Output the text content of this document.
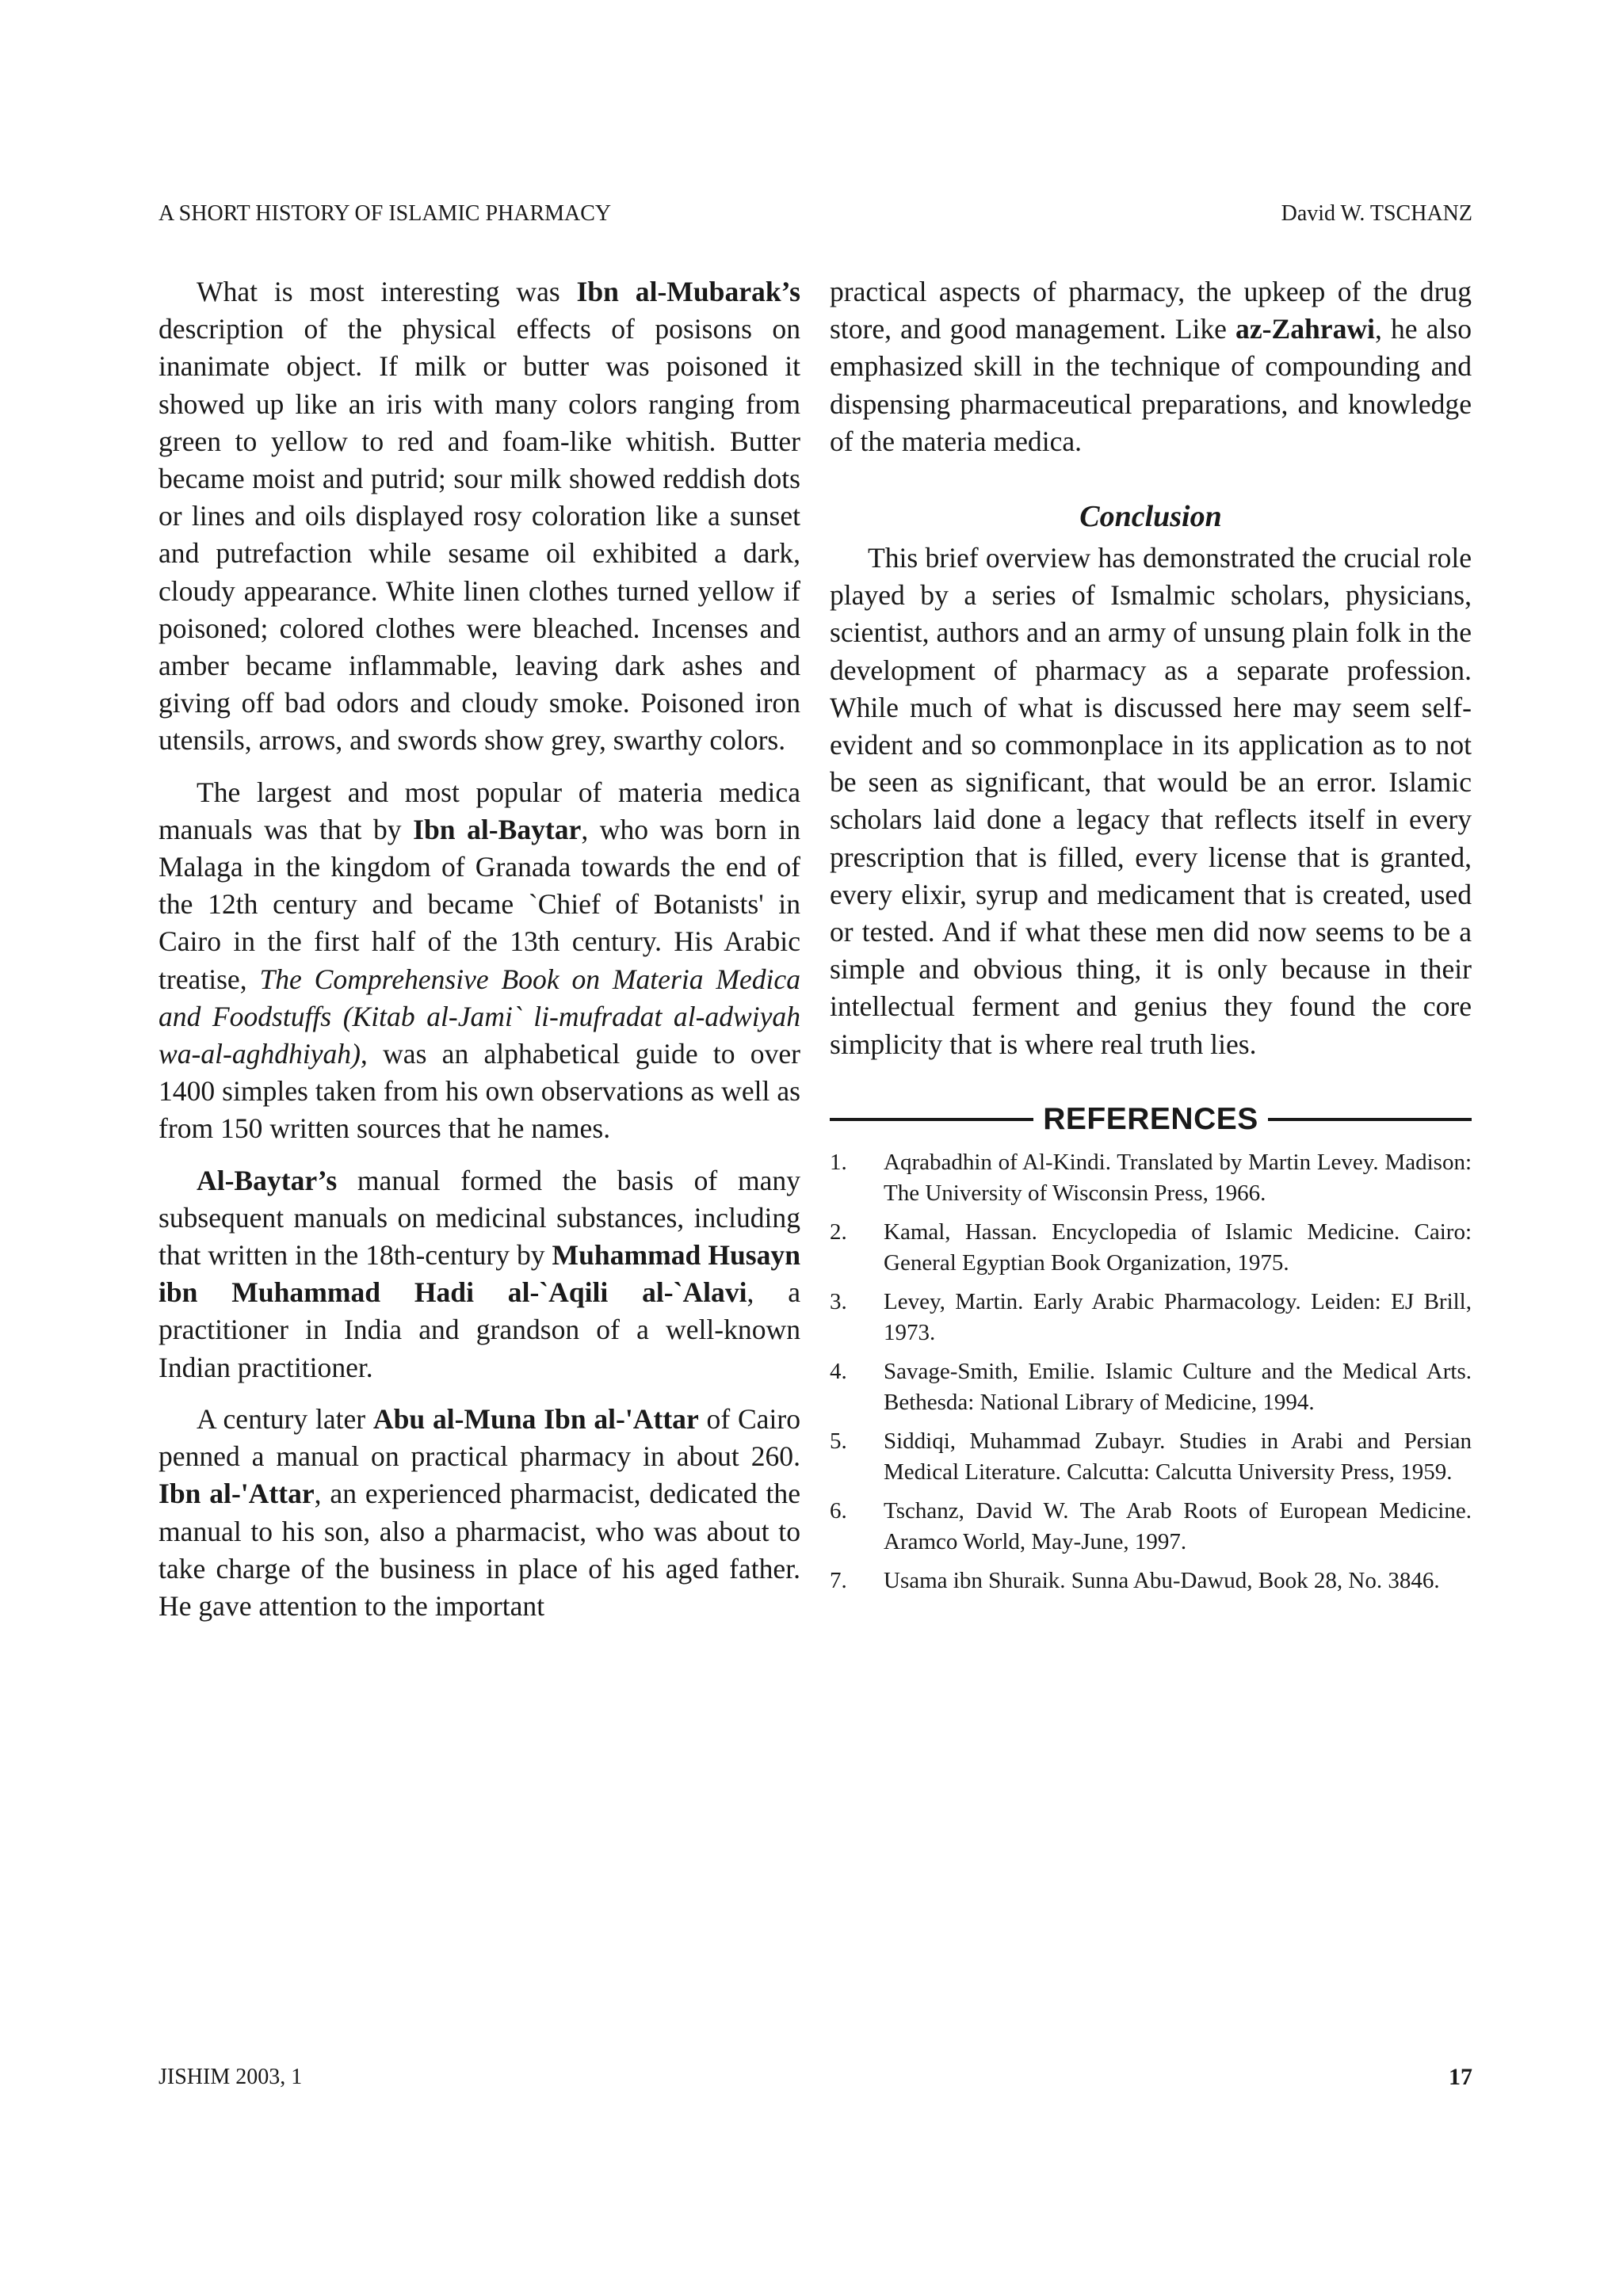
A SHORT HISTORY OF ISLAMIC PHARMACY	David W. TSCHANZ

What is most interesting was Ibn al-Mubarak’s description of the physical effects of posisons on inanimate object. If milk or butter was poisoned it showed up like an iris with many colors ranging from green to yellow to red and foam-like whitish. Butter became moist and putrid; sour milk showed reddish dots or lines and oils displayed rosy coloration like a sunset and putrefaction while sesame oil exhibited a dark, cloudy appearance. White linen clothes turned yellow if poisoned; colored clothes were bleached. Incenses and amber became inflammable, leaving dark ashes and giving off bad odors and cloudy smoke. Poisoned iron utensils, arrows, and swords show grey, swarthy colors.

The largest and most popular of materia medica manuals was that by Ibn al-Baytar, who was born in Malaga in the kingdom of Granada towards the end of the 12th century and became `Chief of Botanists' in Cairo in the first half of the 13th century. His Arabic treatise, The Comprehensive Book on Materia Medica and Foodstuffs (Kitab al-Jami` li-mufradat al-adwiyah wa-al-aghdhiyah), was an alphabetical guide to over 1400 simples taken from his own observations as well as from 150 written sources that he names.

Al-Baytar’s manual formed the basis of many subsequent manuals on medicinal substances, including that written in the 18th-century by Muhammad Husayn ibn Muhammad Hadi al-`Aqili al-`Alavi, a practitioner in India and grandson of a well-known Indian practitioner.

A century later Abu al-Muna Ibn al-'Attar of Cairo penned a manual on practical pharmacy in about 260. Ibn al-'Attar, an experienced pharmacist, dedicated the manual to his son, also a pharmacist, who was about to take charge of the business in place of his aged father. He gave attention to the important

practical aspects of pharmacy, the upkeep of the drug store, and good management. Like az-Zahrawi, he also emphasized skill in the technique of compounding and dispensing pharmaceutical preparations, and knowledge of the materia medica.

Conclusion

This brief overview has demonstrated the crucial role played by a series of Ismalmic scholars, physicians, scientist, authors and an army of unsung plain folk in the development of pharmacy as a separate profession. While much of what is discussed here may seem self-evident and so commonplace in its application as to not be seen as significant, that would be an error. Islamic scholars laid done a legacy that reflects itself in every prescription that is filled, every license that is granted, every elixir, syrup and medicament that is created, used or tested. And if what these men did now seems to be a simple and obvious thing, it is only because in their intellectual ferment and genius they found the core simplicity that is where real truth lies.

REFERENCES
1.	Aqrabadhin of Al-Kindi. Translated by Martin Levey. Madison: The University of Wisconsin Press, 1966.
2.	Kamal, Hassan. Encyclopedia of Islamic Medicine. Cairo: General Egyptian Book Organization, 1975.
3.	Levey, Martin. Early Arabic Pharmacology. Leiden: EJ Brill, 1973.
4.	Savage-Smith, Emilie. Islamic Culture and the Medical Arts. Bethesda: National Library of Medicine, 1994.
5.	Siddiqi, Muhammad Zubayr. Studies in Arabi and Persian Medical Literature. Calcutta: Calcutta University Press, 1959.
6.	Tschanz, David W. The Arab Roots of European Medicine. Aramco World, May-June, 1997.
7.	Usama ibn Shuraik. Sunna Abu-Dawud, Book 28, No. 3846.
JISHIM 2003, 1	17
